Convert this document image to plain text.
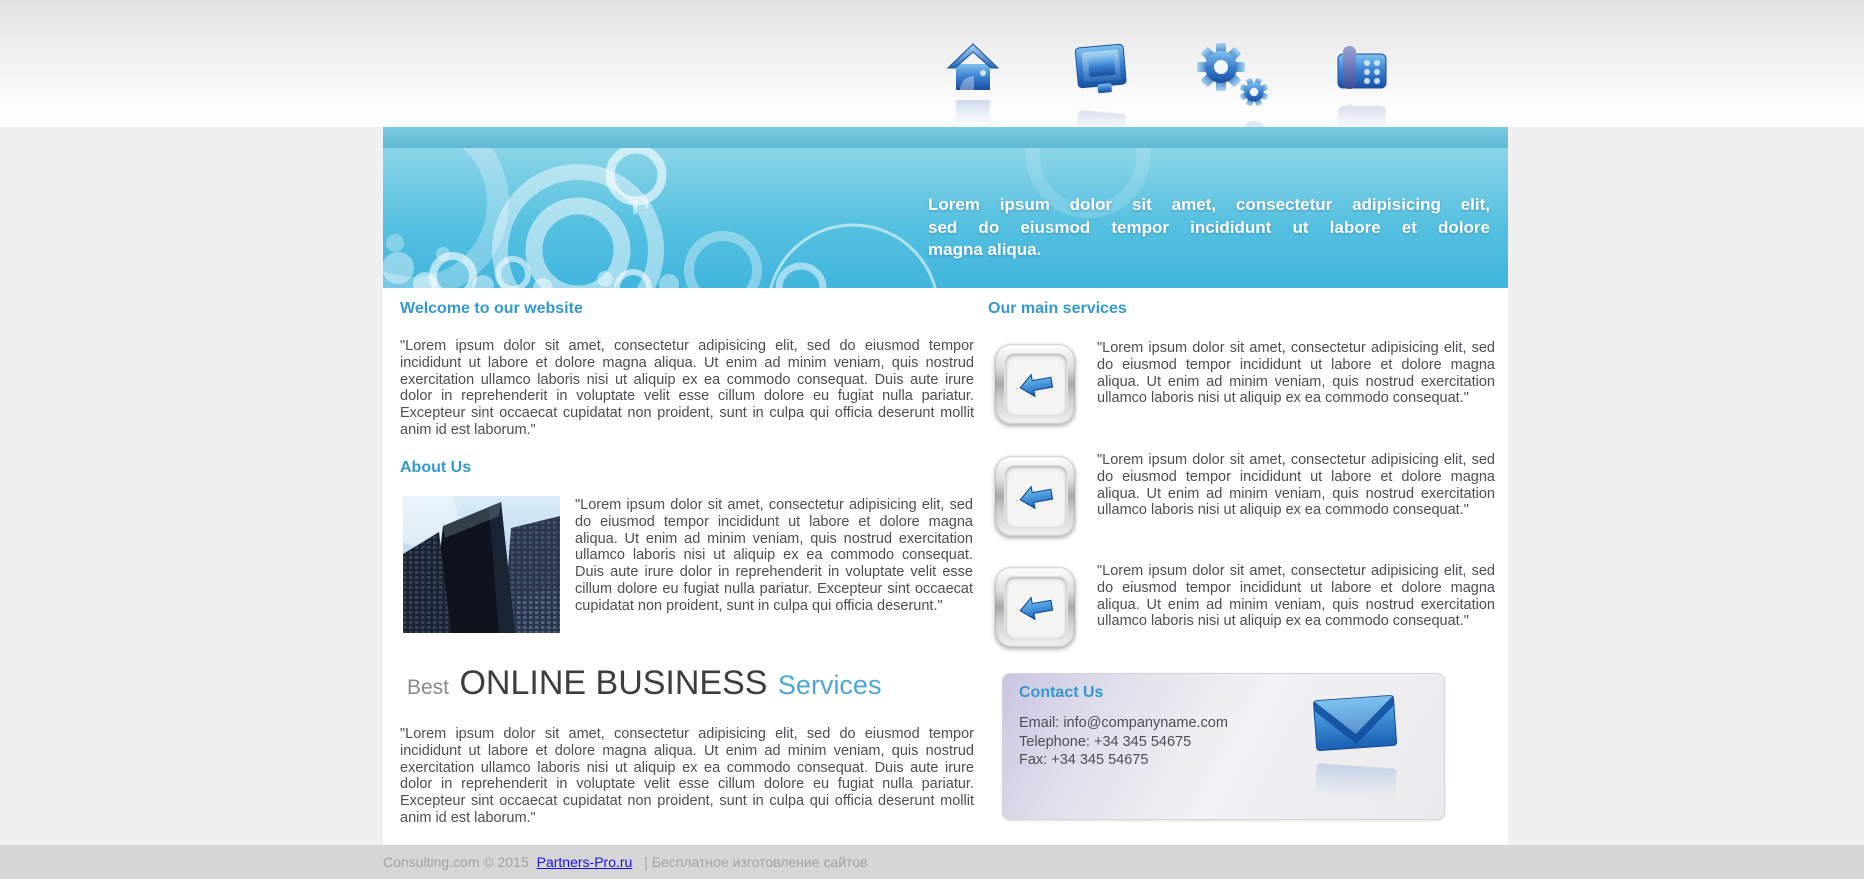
Lorem ipsum dolor sit amet, consectetur adipisicing elit,
sed do eiusmod tempor incididunt ut labore et dolore
magna aliqua.
Welcome to our website
"Lorem ipsum dolor sit amet, consectetur adipisicing elit, sed do eiusmod tempor incididunt ut labore et dolore magna aliqua. Ut enim ad minim veniam, quis nostrud exercitation ullamco laboris nisi ut aliquip ex ea commodo consequat. Duis aute irure dolor in reprehenderit in voluptate velit esse cillum dolore eu fugiat nulla pariatur. Excepteur sint occaecat cupidatat non proident, sunt in culpa qui officia deserunt mollit anim id est laborum."
About Us
"Lorem ipsum dolor sit amet, consectetur adipisicing elit, sed do eiusmod tempor incididunt ut labore et dolore magna aliqua. Ut enim ad minim veniam, quis nostrud exercitation ullamco laboris nisi ut aliquip ex ea commodo consequat. Duis aute irure dolor in reprehenderit in voluptate velit esse cillum dolore eu fugiat nulla pariatur. Excepteur sint occaecat cupidatat non proident, sunt in culpa qui officia deserunt."
Best ONLINE BUSINESS Services
"Lorem ipsum dolor sit amet, consectetur adipisicing elit, sed do eiusmod tempor incididunt ut labore et dolore magna aliqua. Ut enim ad minim veniam, quis nostrud exercitation ullamco laboris nisi ut aliquip ex ea commodo consequat. Duis aute irure dolor in reprehenderit in voluptate velit esse cillum dolore eu fugiat nulla pariatur. Excepteur sint occaecat cupidatat non proident, sunt in culpa qui officia deserunt mollit anim id est laborum."
Our main services
"Lorem ipsum dolor sit amet, consectetur adipisicing elit, sed do eiusmod tempor incididunt ut labore et dolore magna aliqua. Ut enim ad minim veniam, quis nostrud exercitation ullamco laboris nisi ut aliquip ex ea commodo consequat."
"Lorem ipsum dolor sit amet, consectetur adipisicing elit, sed do eiusmod tempor incididunt ut labore et dolore magna aliqua. Ut enim ad minim veniam, quis nostrud exercitation ullamco laboris nisi ut aliquip ex ea commodo consequat."
"Lorem ipsum dolor sit amet, consectetur adipisicing elit, sed do eiusmod tempor incididunt ut labore et dolore magna aliqua. Ut enim ad minim veniam, quis nostrud exercitation ullamco laboris nisi ut aliquip ex ea commodo consequat."
Contact Us
Email: info@companyname.com
Telephone: +34 345 54675
Fax: +34 345 54675
Consulting.com © 2015 Partners-Pro.ru | Бесплатное изготовление сайтов
